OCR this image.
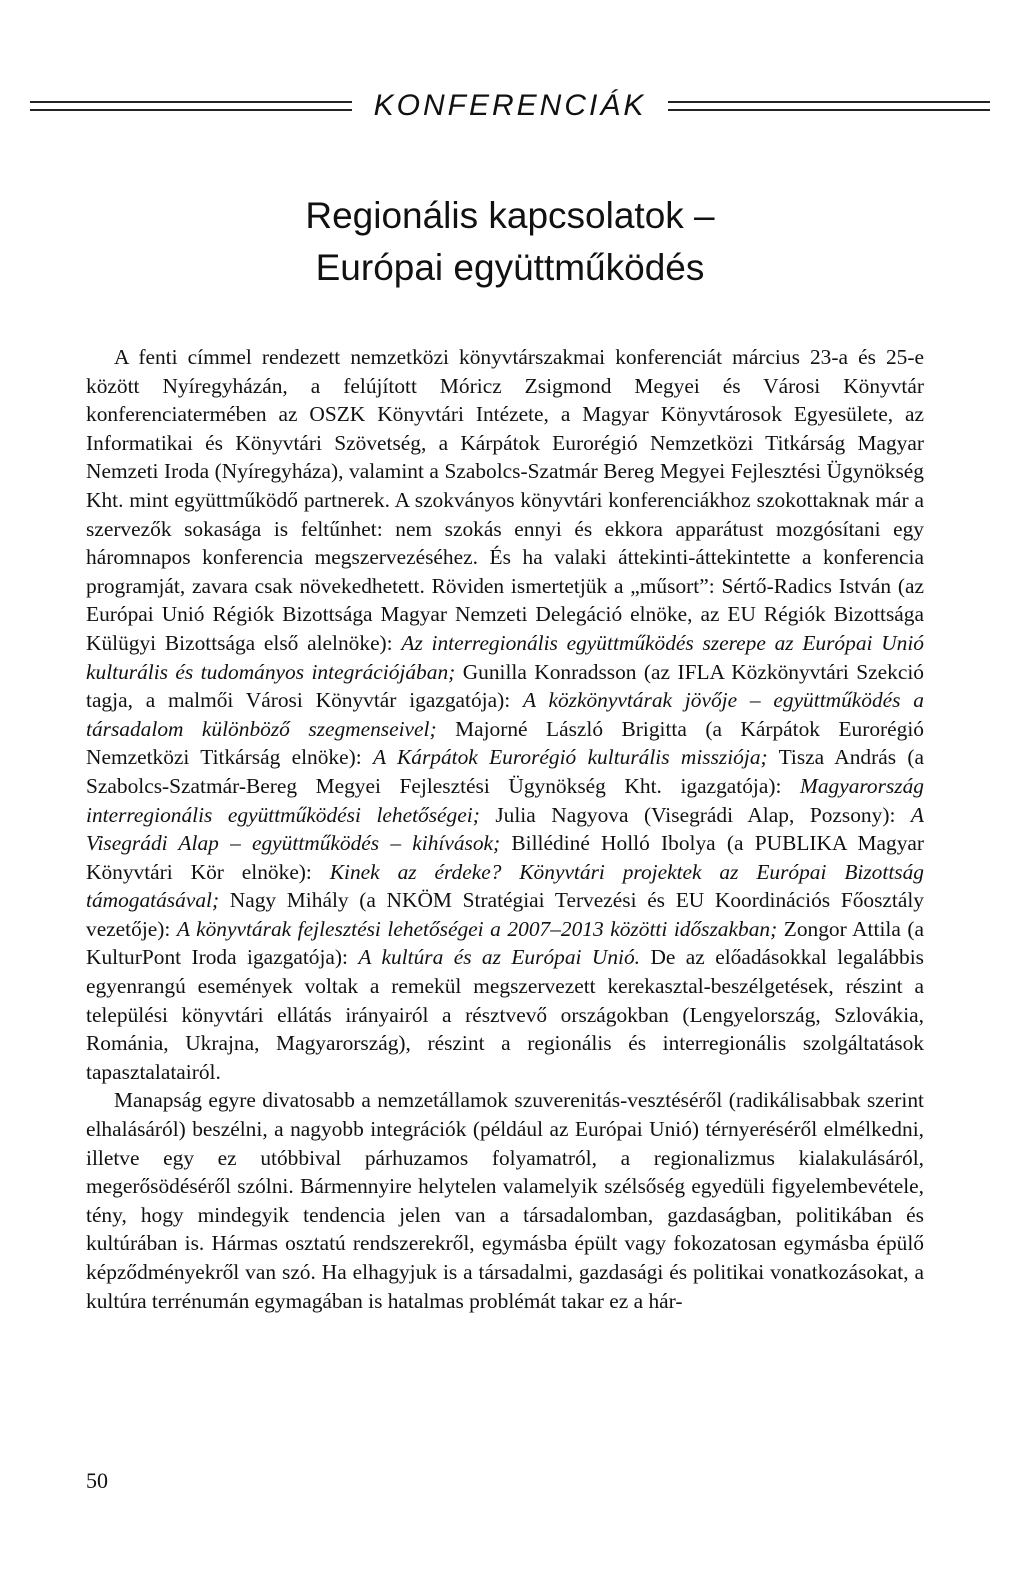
KONFERENCIÁK
Regionális kapcsolatok –
Európai együttműködés

A fenti címmel rendezett nemzetközi könyvtárszakmai konferenciát március 23-a és 25-e között Nyíregyházán, a felújított Móricz Zsigmond Megyei és Városi Könyvtár konferenciatermében az OSZK Könyvtári Intézete, a Magyar Könyvtárosok Egyesülete, az Informatikai és Könyvtári Szövetség, a Kárpátok Eurorégió Nemzetközi Titkárság Magyar Nemzeti Iroda (Nyíregyháza), valamint a Szabolcs-Szatmár Bereg Megyei Fejlesztési Ügynökség Kht. mint együttműködő partnerek. A szokványos könyvtári konferenciákhoz szokottaknak már a szervezők sokasága is feltűnhet: nem szokás ennyi és ekkora apparátust mozgósítani egy háromnapos konferencia megszervezéséhez. És ha valaki áttekinti-áttekintette a konferencia programját, zavara csak növekedhetett. Röviden ismertetjük a „műsort”: Sértő-Radics István (az Európai Unió Régiók Bizottsága Magyar Nemzeti Delegáció elnöke, az EU Régiók Bizottsága Külügyi Bizottsága első alelnöke): Az interregionális együttműködés szerepe az Európai Unió kulturális és tudományos integrációjában; Gunilla Konradsson (az IFLA Közkönyvtári Szekció tagja, a malmői Városi Könyvtár igazgatója): A közkönyvtárak jövője – együttműködés a társadalom különböző szegmenseivel; Majorné László Brigitta (a Kárpátok Eurorégió Nemzetközi Titkárság elnöke): A Kárpátok Eurorégió kulturális missziója; Tisza András (a Szabolcs-Szatmár-Bereg Megyei Fejlesztési Ügynökség Kht. igazgatója): Magyarország interregionális együttműködési lehetőségei; Julia Nagyova (Visegrádi Alap, Pozsony): A Visegrádi Alap – együttműködés – kihívások; Billédiné Holló Ibolya (a PUBLIKA Magyar Könyvtári Kör elnöke): Kinek az érdeke? Könyvtári projektek az Európai Bizottság támogatásával; Nagy Mihály (a NKÖM Stratégiai Tervezési és EU Koordinációs Főosztály vezetője): A könyvtárak fejlesztési lehetőségei a 2007–2013 közötti időszakban; Zongor Attila (a KulturPont Iroda igazgatója): A kultúra és az Európai Unió. De az előadásokkal legalábbis egyenrangú események voltak a remekül megszervezett kerekasztal-beszélgetések, részint a települési könyvtári ellátás irányairól a résztvevő országokban (Lengyelország, Szlovákia, Románia, Ukrajna, Magyarország), részint a regionális és interregionális szolgáltatások tapasztalatairól.

Manapság egyre divatosabb a nemzetállamok szuverenitás-vesztéséről (radikálisabbak szerint elhalásáról) beszélni, a nagyobb integrációk (például az Európai Unió) térnyeréséről elmélkedni, illetve egy ez utóbbival párhuzamos folyamatról, a regionalizmus kialakulásáról, megerősödéséről szólni. Bármennyire helytelen valamelyik szélsőség egyedüli figyelembevétele, tény, hogy mindegyik tendencia jelen van a társadalomban, gazdaságban, politikában és kultúrában is. Hármas osztatú rendszerekről, egymásba épült vagy fokozatosan egymásba épülő képződményekről van szó. Ha elhagyjuk is a társadalmi, gazdasági és politikai vonatkozásokat, a kultúra terrénumán egymagában is hatalmas problémát takar ez a hár-

50
